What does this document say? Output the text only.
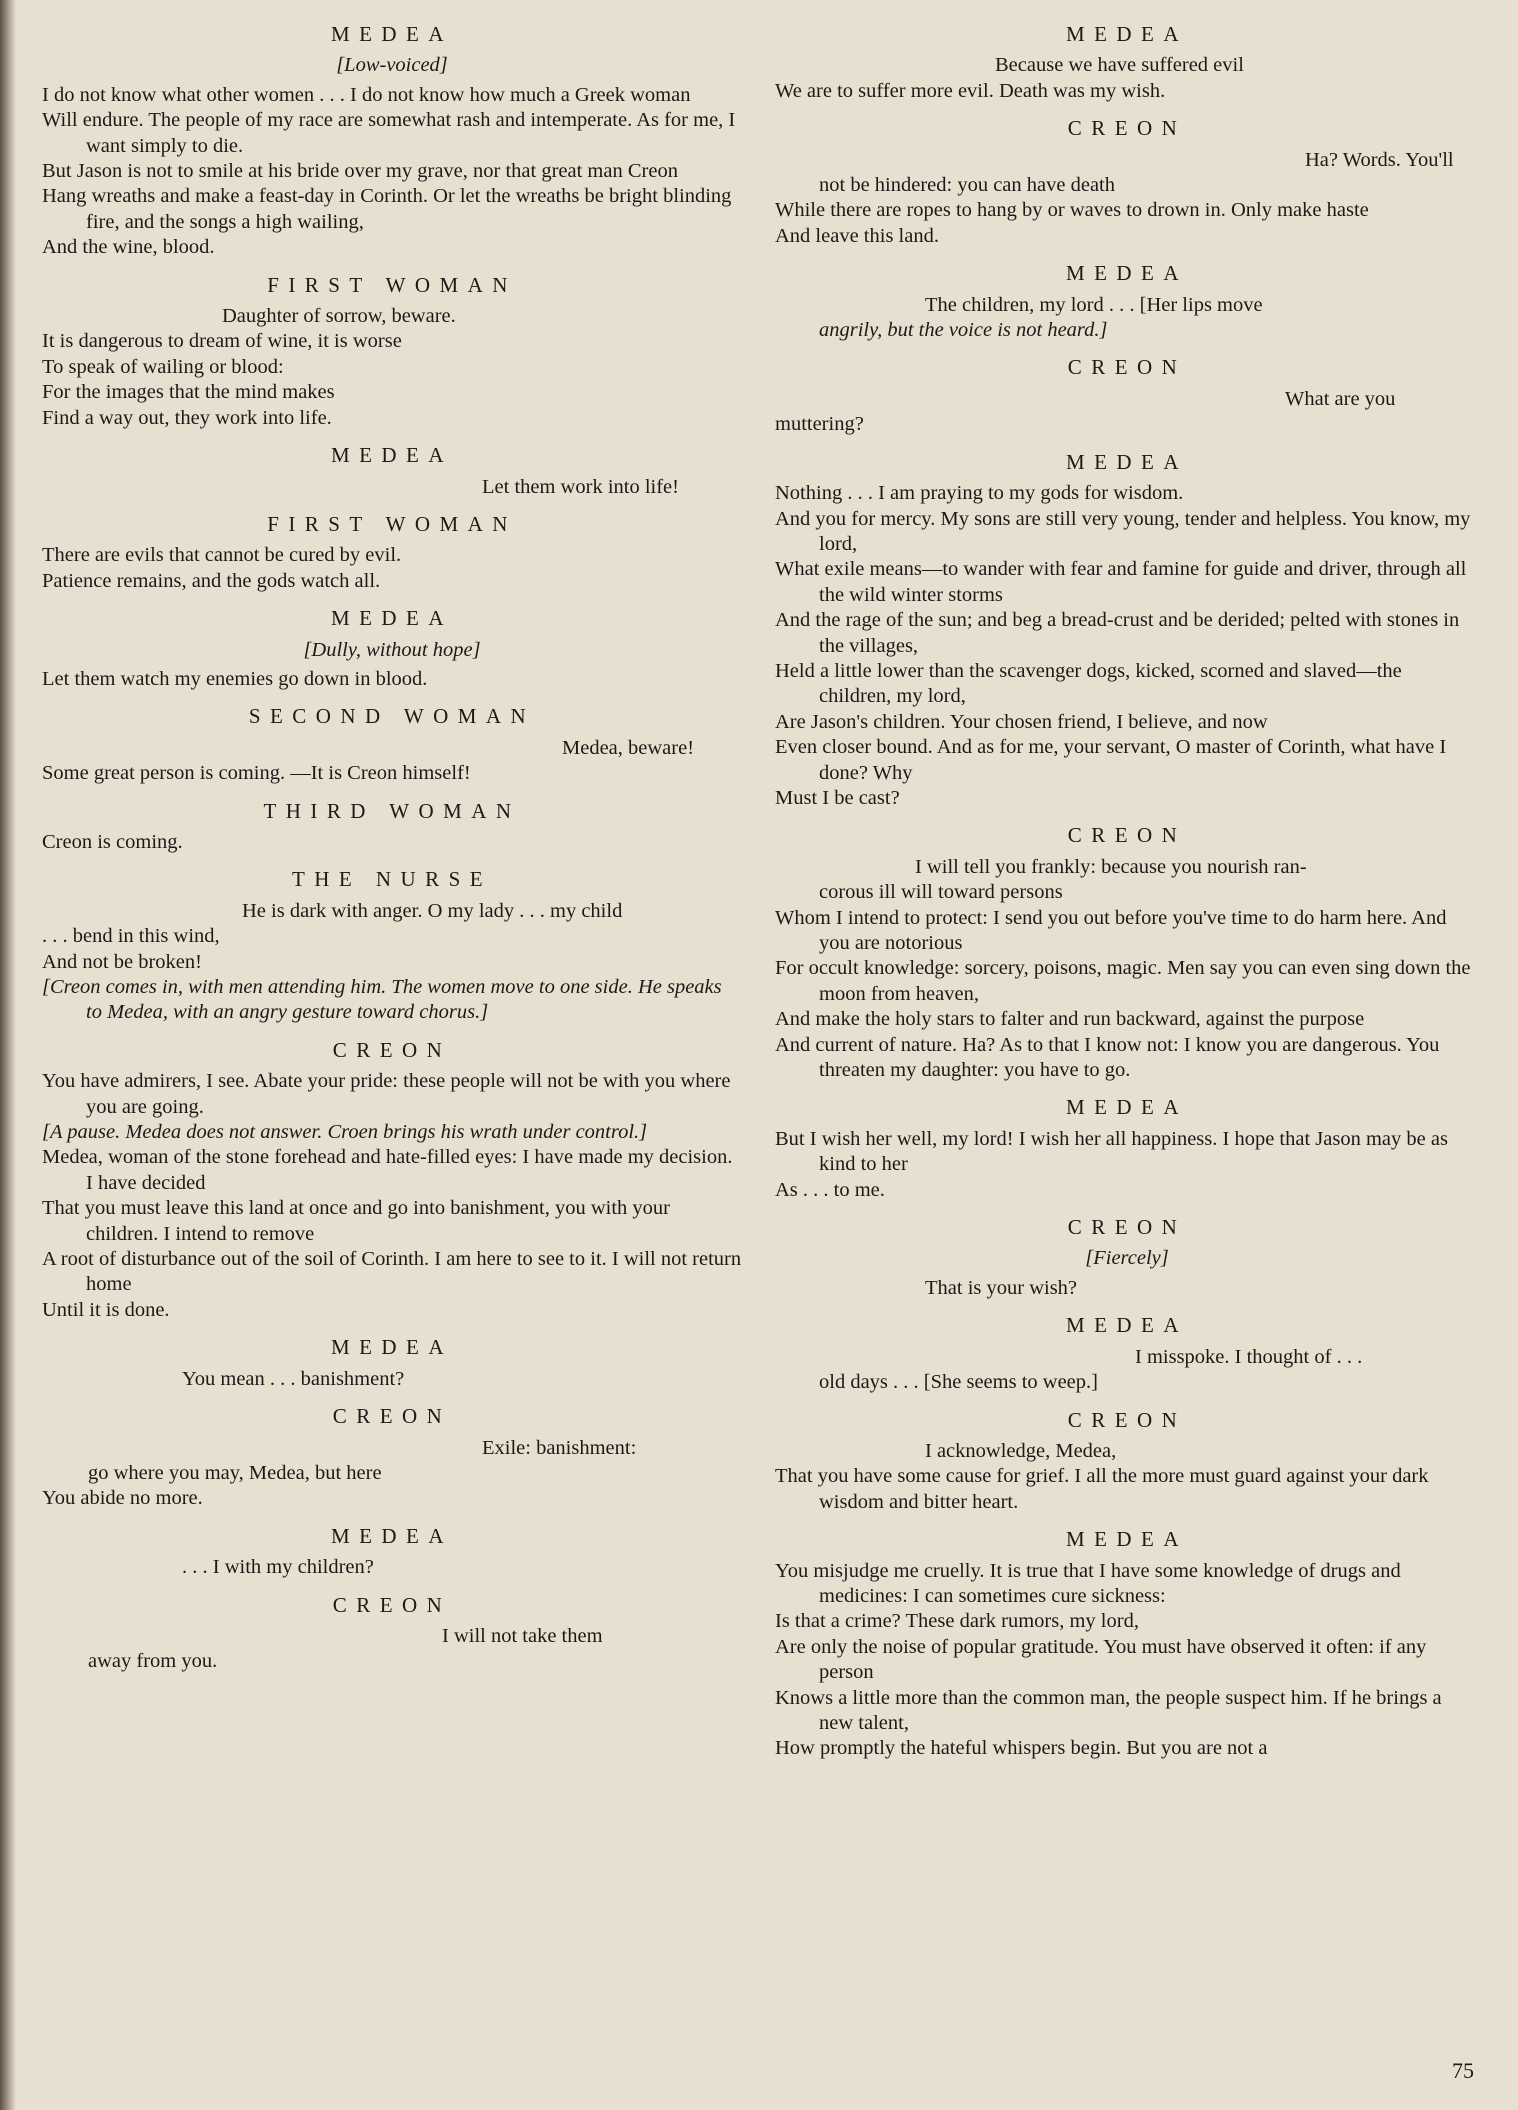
MEDEA
[Low-voiced]
I do not know what other women . . . I do not know how much a Greek woman
Will endure. The people of my race are somewhat rash and intemperate. As for me, I want simply to die.
But Jason is not to smile at his bride over my grave, nor that great man Creon
Hang wreaths and make a feast-day in Corinth. Or let the wreaths be bright blinding fire, and the songs a high wailing,
And the wine, blood.
FIRST WOMAN
Daughter of sorrow, beware.
It is dangerous to dream of wine, it is worse
To speak of wailing or blood:
For the images that the mind makes
Find a way out, they work into life.
MEDEA
Let them work into life!
FIRST WOMAN
There are evils that cannot be cured by evil.
Patience remains, and the gods watch all.
MEDEA
[Dully, without hope]
Let them watch my enemies go down in blood.
SECOND WOMAN
Medea, beware!
Some great person is coming. —It is Creon himself!
THIRD WOMAN
Creon is coming.
THE NURSE
He is dark with anger. O my lady . . . my child
. . . bend in this wind,
And not be broken!
[Creon comes in, with men attending him. The women move to one side. He speaks to Medea, with an angry gesture toward chorus.]
CREON
You have admirers, I see. Abate your pride: these people will not be with you where you are going.
[A pause. Medea does not answer. Croen brings his wrath under control.]
Medea, woman of the stone forehead and hate-filled eyes: I have made my decision. I have decided
That you must leave this land at once and go into banishment, you with your children. I intend to remove
A root of disturbance out of the soil of Corinth. I am here to see to it. I will not return home
Until it is done.
MEDEA
You mean . . . banishment?
CREON
Exile: banishment:
go where you may, Medea, but here
You abide no more.
MEDEA
. . . I with my children?
CREON
I will not take them
away from you.
MEDEA
Because we have suffered evil
We are to suffer more evil. Death was my wish.
CREON
Ha? Words. You'll
not be hindered: you can have death
While there are ropes to hang by or waves to drown in. Only make haste
And leave this land.
MEDEA
The children, my lord . . . [Her lips move
angrily, but the voice is not heard.]
CREON
What are you
muttering?
MEDEA
Nothing . . . I am praying to my gods for wisdom.
And you for mercy. My sons are still very young, tender and helpless. You know, my lord,
What exile means—to wander with fear and famine for guide and driver, through all the wild winter storms
And the rage of the sun; and beg a bread-crust and be derided; pelted with stones in the villages,
Held a little lower than the scavenger dogs, kicked, scorned and slaved—the children, my lord,
Are Jason's children. Your chosen friend, I believe, and now
Even closer bound. And as for me, your servant, O master of Corinth, what have I done? Why
Must I be cast?
CREON
I will tell you frankly: because you nourish ran-
corous ill will toward persons
Whom I intend to protect: I send you out before you've time to do harm here. And you are notorious
For occult knowledge: sorcery, poisons, magic. Men say you can even sing down the moon from heaven,
And make the holy stars to falter and run backward, against the purpose
And current of nature. Ha? As to that I know not: I know you are dangerous. You threaten my daughter: you have to go.
MEDEA
But I wish her well, my lord! I wish her all happiness. I hope that Jason may be as kind to her
As . . . to me.
CREON
[Fiercely]
That is your wish?
MEDEA
I misspoke. I thought of . . .
old days . . . [She seems to weep.]
CREON
I acknowledge, Medea,
That you have some cause for grief. I all the more must guard against your dark wisdom and bitter heart.
MEDEA
You misjudge me cruelly. It is true that I have some knowledge of drugs and medicines: I can sometimes cure sickness:
Is that a crime? These dark rumors, my lord,
Are only the noise of popular gratitude. You must have observed it often: if any person
Knows a little more than the common man, the people suspect him. If he brings a new talent,
How promptly the hateful whispers begin. But you are not a
75
